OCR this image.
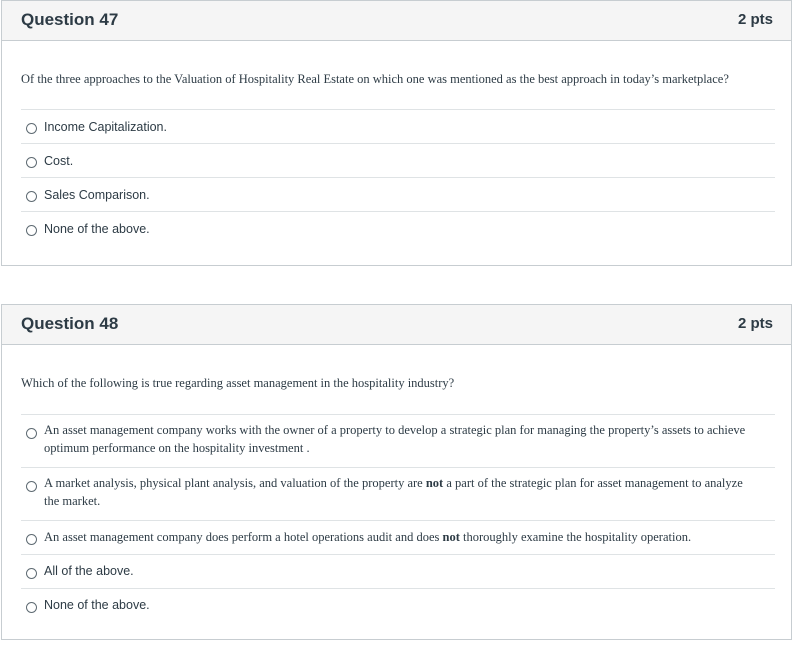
Question 47	2 pts
Of the three approaches to the Valuation of Hospitality Real Estate on which one was mentioned as the best approach in today’s marketplace?
Income Capitalization.
Cost.
Sales Comparison.
None of the above.
Question 48	2 pts
Which of the following is true regarding asset management in the hospitality industry?
An asset management company works with the owner of a property to develop a strategic plan for managing the property’s assets to achieve optimum performance on the hospitality investment .
A market analysis, physical plant analysis, and valuation of the property are not a part of the strategic plan for asset management to analyze the market.
An asset management company does perform a hotel operations audit and does not thoroughly examine the hospitality operation.
All of the above.
None of the above.
